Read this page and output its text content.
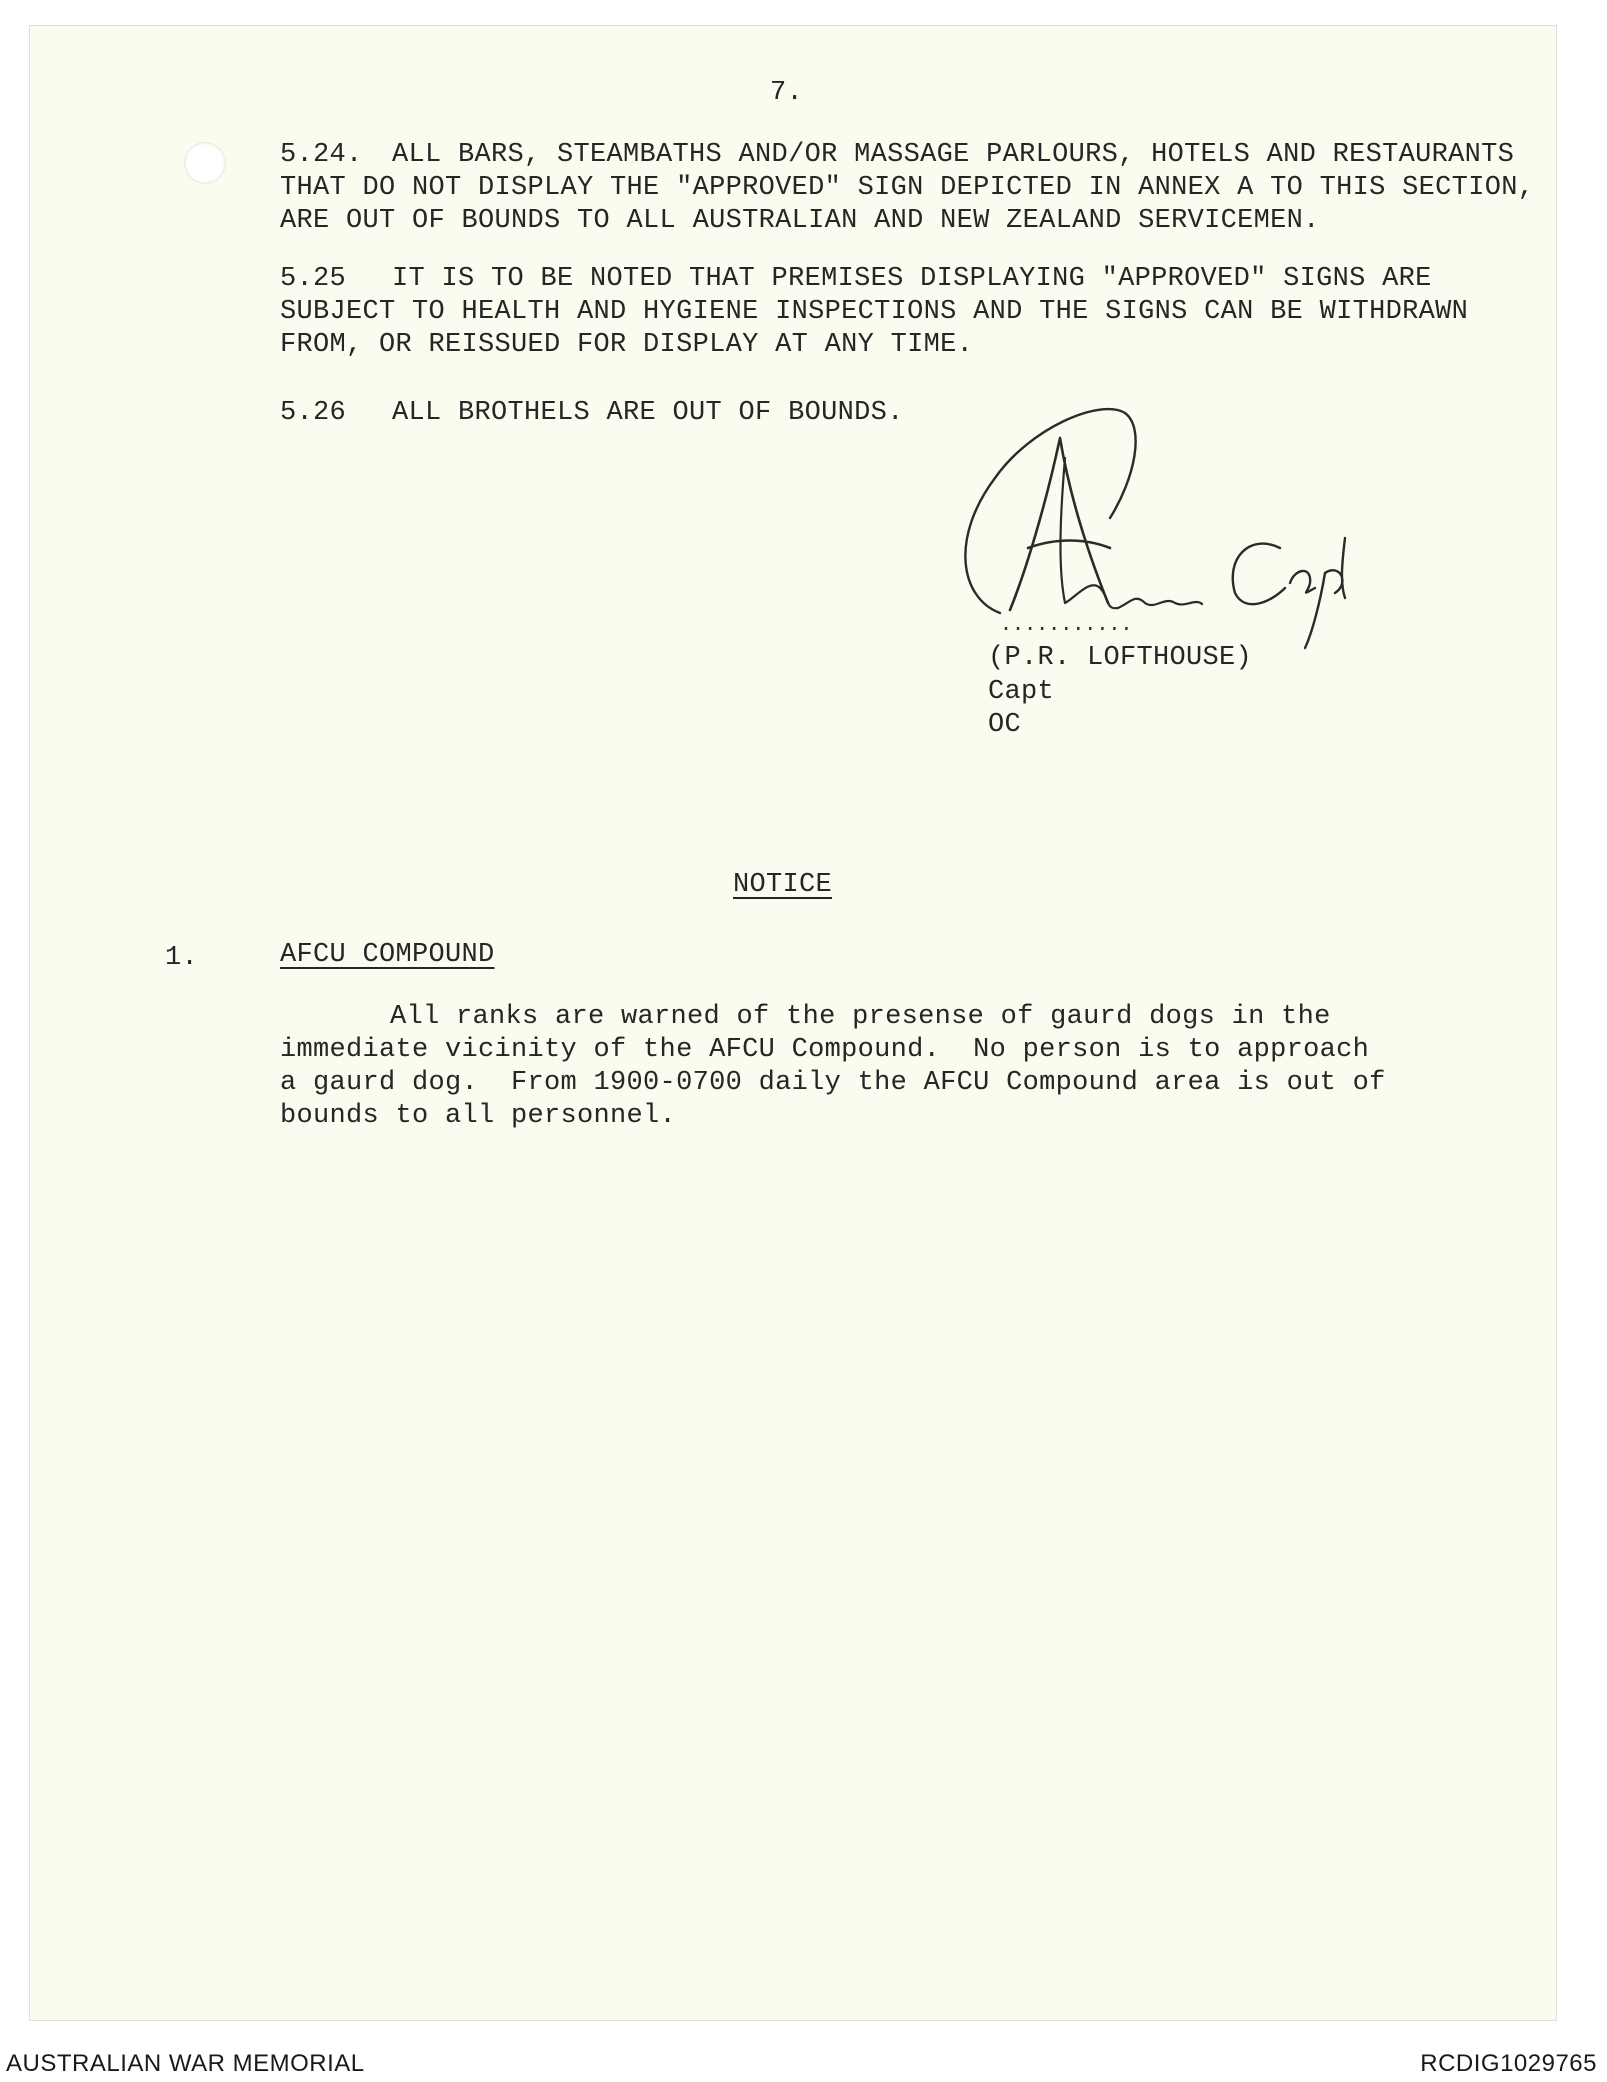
7.
5.24. ALL BARS, STEAMBATHS AND/OR MASSAGE PARLOURS, HOTELS AND RESTAURANTS
THAT DO NOT DISPLAY THE "APPROVED" SIGN DEPICTED IN ANNEX A TO THIS SECTION,
ARE OUT OF BOUNDS TO ALL AUSTRALIAN AND NEW ZEALAND SERVICEMEN.
5.25 IT IS TO BE NOTED THAT PREMISES DISPLAYING "APPROVED" SIGNS ARE
SUBJECT TO HEALTH AND HYGIENE INSPECTIONS AND THE SIGNS CAN BE WITHDRAWN
FROM, OR REISSUED FOR DISPLAY AT ANY TIME.
5.26 ALL BROTHELS ARE OUT OF BOUNDS.
...........
(P.R. LOFTHOUSE)
Capt
OC
NOTICE
1.	AFCU COMPOUND
All ranks are warned of the presense of gaurd dogs in the
immediate vicinity of the AFCU Compound.  No person is to approach
a gaurd dog.  From 1900-0700 daily the AFCU Compound area is out of
bounds to all personnel.
AUSTRALIAN WAR MEMORIAL	RCDIG1029765
